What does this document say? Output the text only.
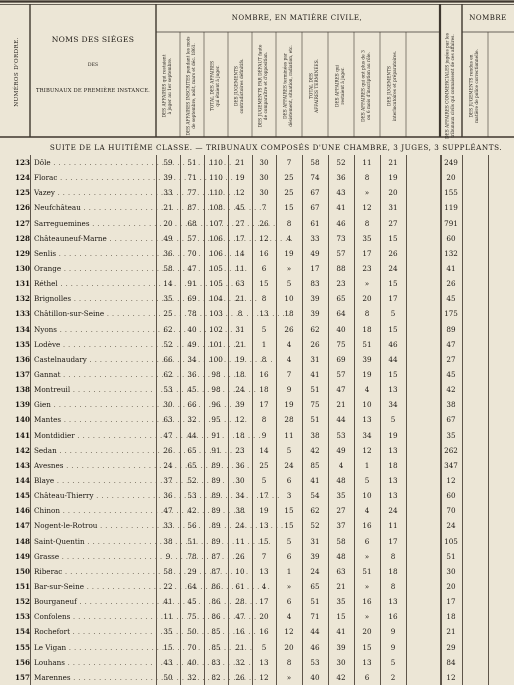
NUMÉROS D'ORDRE.	NOMS DES SIÉGES
DES
TRIBUNAUX DE PREMIÈRE INSTANCE.
NOMBRE, EN MATIÈRE CIVILE,	NOMBRE
DES AFFAIRES qui restaient à juger au 1er septembre.	DES AFFAIRES INSCRITES pendant les mois de septembre, août, mars et déc. 1861.	TOTAL DES AFFAIRES qui étaient à juger.	DES JUGEMENTS contradictoires définitifs.	DES JUGEMENTS PAR DÉFAUT faute de comparaître et d'opposition.	DES AFFAIRES terminées par désistement, situation, radiation, etc.	TOTAL DES AFFAIRES TERMINÉES.	DES AFFAIRES qui restaient à juger.	DES AFFAIRES qui ont plus de 3 ou 6 mois d'inscription au rôle.	DES JUGEMENTS interlocutoires et préparatoires.	DES AFFAIRES COMMERCIALES jugées par les tribunaux civils qui connaissent de ces affaires.	DES JUGEMENTS rendus en matière de police correctionnelle.
SUITE DE LA HUITIÈME CLASSE. — TRIBUNAUX COMPOSÉS D'UNE CHAMBRE, 3 JUGES, 3 SUPPLÉANTS.
123 Dôle . . .	59	51	110	21	30	7	58	52	11	21	249
124 Florac . . .	39	71	110	19	30	25	74	36	8	19	20
125 Vazey . . .	33	77	110	12	30	25	67	43	»	20	155
126 Neufchâteau . . .	21	87	108	45	7	15	67	41	12	31	119
127 Sarreguemines . . .	20	68	107	27	26	8	61	46	8	27	791
128 Châteauneuf-Marne . . .	49	57	106	17	12	4	33	73	35	15	60
129 Senlis . . .	36	70	106	14	16	19	49	57	17	26	132
130 Orange . . .	58	47	105	11	6	»	17	88	23	24	41
131 Réthel . . .	14	91	105	63	15	5	83	23	»	15	26
132 Brignolles . . .	35	69	104	21	8	10	39	65	20	17	45
133 Châtillon-sur-Seine . . .	25	78	103	8	13	18	39	64	8	5	175
134 Nyons . . .	62	40	102	31	5	26	62	40	18	15	89
135 Lodève . . .	52	49	101	21	1	4	26	75	51	46	47
136 Castelnaudary . . .	66	34	100	19	8	4	31	69	39	44	27
137 Gannat . . .	62	36	98	18	16	7	41	57	19	15	45
138 Montreuil . . .	53	45	98	24	18	9	51	47	4	13	42
139 Gien . . .	30	66	96	39	17	19	75	21	10	34	38
140 Mantes . . .	63	32	95	12	8	28	51	44	13	5	67
141 Montdidier . . .	47	44	91	18	9	11	38	53	34	19	35
142 Sedan . . .	26	65	91	23	14	5	42	49	12	13	262
143 Avesnes . . .	24	65	89	36	25	24	85	4	1	18	347
144 Blaye . . .	37	52	89	30	5	6	41	48	5	13	12
145 Château-Thierry . . .	36	53	89	34	17	3	54	35	10	13	60
146 Chinon . . .	47	42	89	38	19	15	62	27	4	24	70
147 Nogent-le-Rotrou . . .	33	56	89	24	13	15	52	37	16	11	24
148 Saint-Quentin . . .	38	51	89	11	15	5	31	58	6	17	105
149 Grasse . . .	9	78	87	26	7	6	39	48	»	8	51
150 Riberac . . .	58	29	87	10	13	1	24	63	51	18	30
151 Bar-sur-Seine . . .	22	64	86	61	4	»	65	21	»	8	20
152 Bourganeuf . . .	41	45	86	28	17	6	51	35	16	13	17
153 Confolens . . .	11	75	86	47	20	4	71	15	»	16	18
154 Rochefort . . .	35	50	85	16	16	12	44	41	20	9	21
155 Le Vigan . . .	15	70	85	21	5	20	46	39	15	9	29
156 Louhans . . .	43	40	83	32	13	8	53	30	13	5	84
157 Marennes . . .	50	32	82	26	12	»	40	42	6	2	12
